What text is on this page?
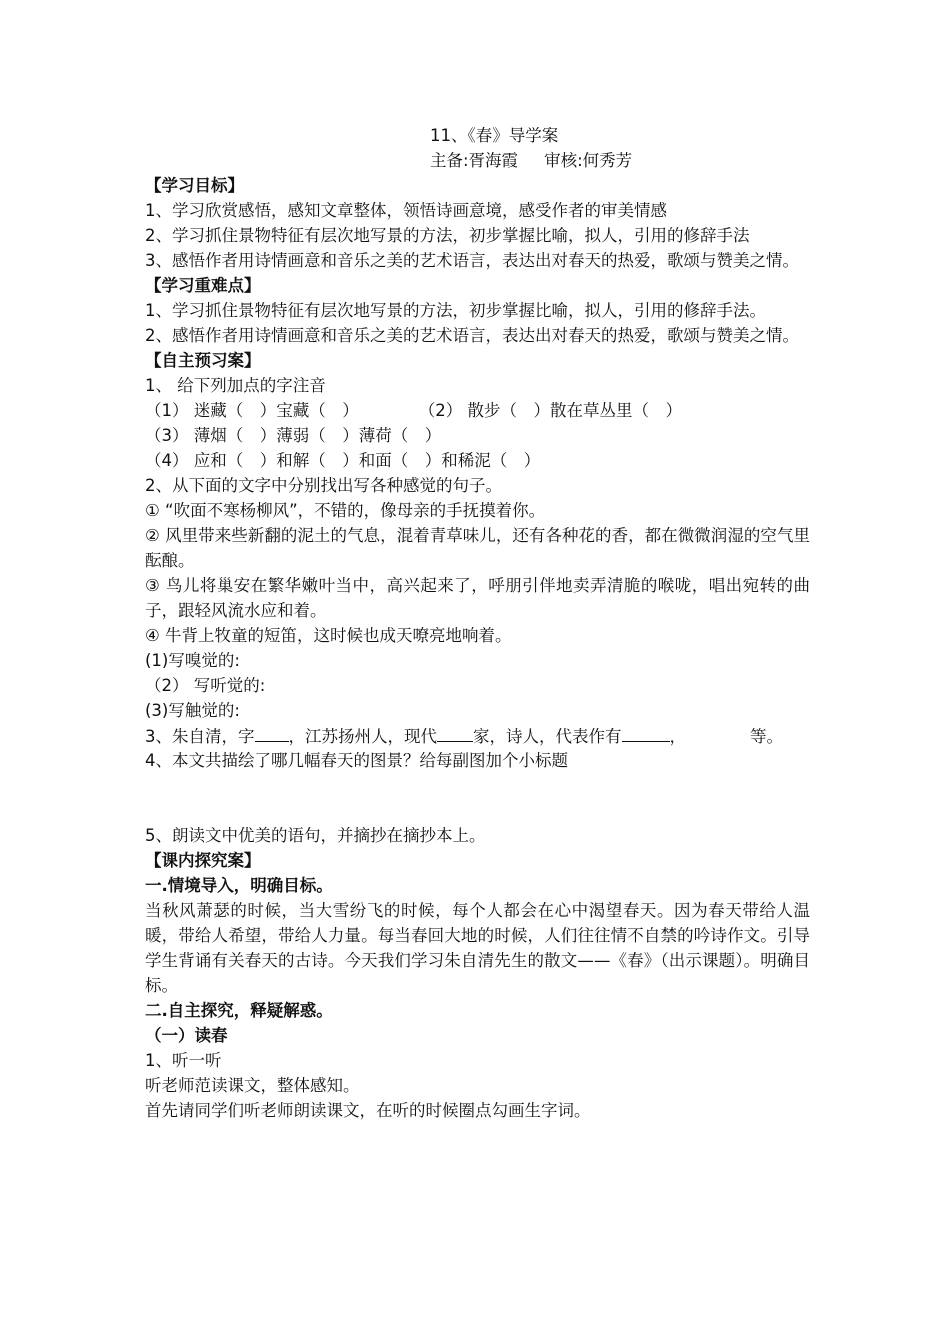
11、《春》导学案
主备:胥海霞 审核:何秀芳
【学习目标】
1、学习欣赏感悟，感知文章整体，领悟诗画意境，感受作者的审美情感
2、学习抓住景物特征有层次地写景的方法，初步掌握比喻，拟人，引用的修辞手法
3、感悟作者用诗情画意和音乐之美的艺术语言，表达出对春天的热爱，歌颂与赞美之情。
【学习重难点】
1、学习抓住景物特征有层次地写景的方法，初步掌握比喻，拟人，引用的修辞手法。
2、感悟作者用诗情画意和音乐之美的艺术语言，表达出对春天的热爱，歌颂与赞美之情。
【自主预习案】
1、 给下列加点的字注音
（1） 迷藏（　）宝藏（　）	（2） 散步（　）散在草丛里（　）
（3） 薄烟（　）薄弱（　）薄荷（　）
（4） 应和（　）和解（　）和面（　）和稀泥（　）
2、从下面的文字中分别找出写各种感觉的句子。
① “吹面不寒杨柳风”，不错的，像母亲的手抚摸着你。
② 风里带来些新翻的泥土的气息，混着青草味儿，还有各种花的香，都在微微润湿的空气里酝酿。
③ 鸟儿将巢安在繁华嫩叶当中，高兴起来了，呼朋引伴地卖弄清脆的喉咙，唱出宛转的曲子，跟轻风流水应和着。
④ 牛背上牧童的短笛，这时候也成天嘹亮地响着。
(1)写嗅觉的:
（2） 写听觉的:
(3)写触觉的:
3、朱自清，字 ，江苏扬州人，现代 家，诗人，代表作有	，	等。
4、本文共描绘了哪几幅春天的图景？给每副图加个小标题
5、朗读文中优美的语句，并摘抄在摘抄本上。
【课内探究案】
一.情境导入，明确目标。
当秋风萧瑟的时候，当大雪纷飞的时候，每个人都会在心中渴望春天。因为春天带给人温暖，带给人希望，带给人力量。每当春回大地的时候，人们往往情不自禁的吟诗作文。引导学生背诵有关春天的古诗。今天我们学习朱自清先生的散文——《春》（出示课题）。明确目标。
二.自主探究，释疑解惑。
（一）读春
1、听一听
听老师范读课文，整体感知。
首先请同学们听老师朗读课文，在听的时候圈点勾画生字词。
